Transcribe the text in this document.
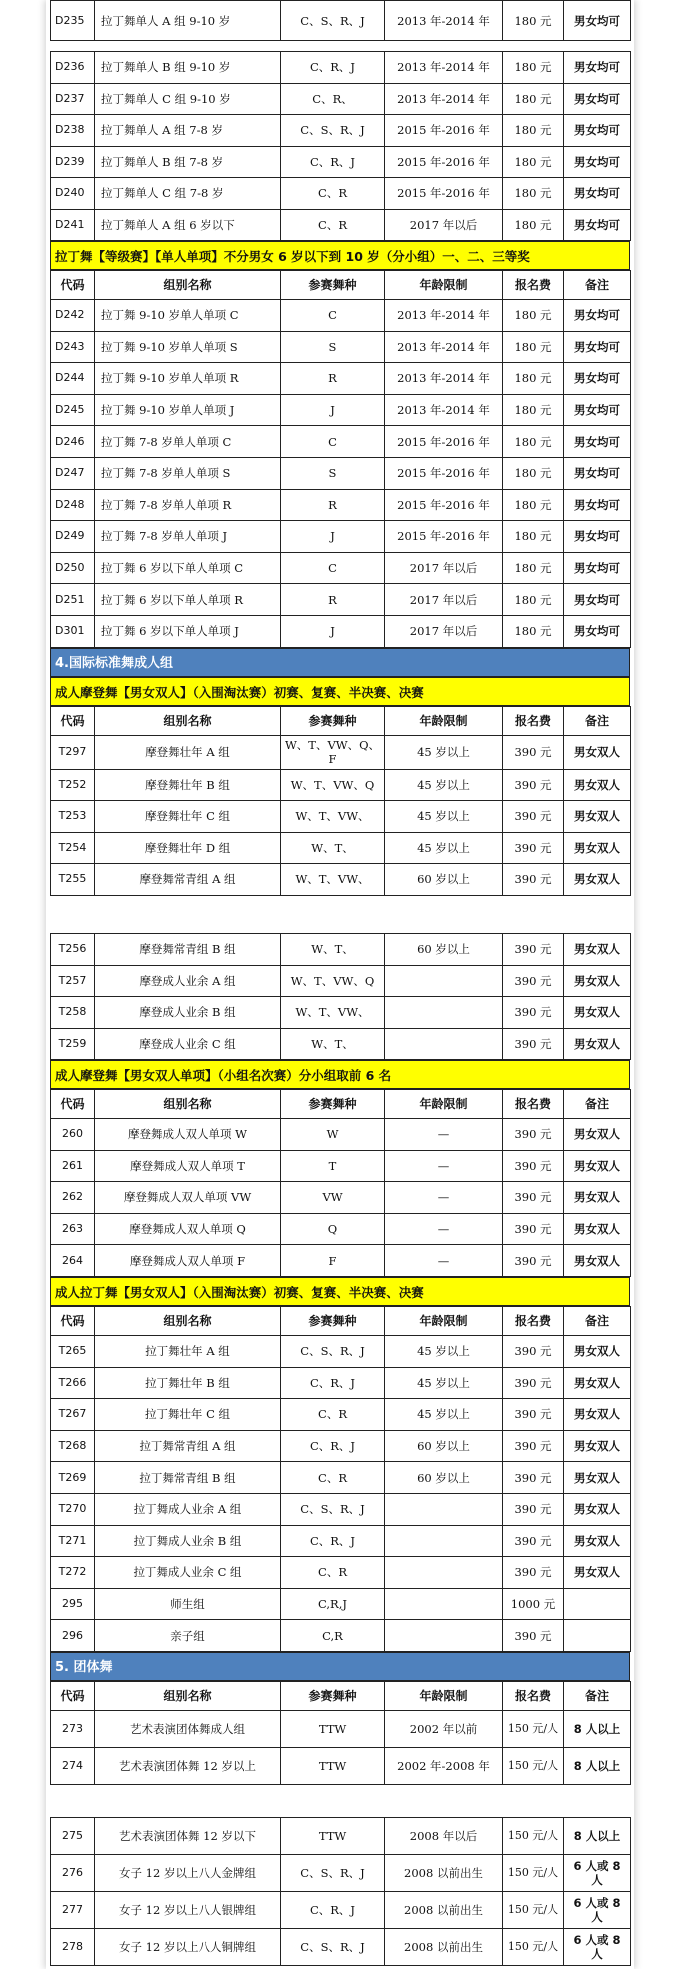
D235	拉丁舞单人 A 组 9-10 岁	C、S、R、J	2013 年-2014 年	180 元	男女均可
D236	拉丁舞单人 B 组 9-10 岁	C、R、J	2013 年-2014 年	180 元	男女均可
D237	拉丁舞单人 C 组 9-10 岁	C、R、	2013 年-2014 年	180 元	男女均可
D238	拉丁舞单人 A 组 7-8 岁	C、S、R、J	2015 年-2016 年	180 元	男女均可
D239	拉丁舞单人 B 组 7-8 岁	C、R、J	2015 年-2016 年	180 元	男女均可
D240	拉丁舞单人 C 组 7-8 岁	C、R	2015 年-2016 年	180 元	男女均可
D241	拉丁舞单人 A 组 6 岁以下	C、R	2017 年以后	180 元	男女均可
拉丁舞【等级赛】【单人单项】不分男女 6 岁以下到 10 岁（分小组）一、二、三等奖
代码	组别名称	参赛舞种	年龄限制	报名费	备注
D242	拉丁舞 9-10 岁单人单项 C	C	2013 年-2014 年	180 元	男女均可
D243	拉丁舞 9-10 岁单人单项 S	S	2013 年-2014 年	180 元	男女均可
D244	拉丁舞 9-10 岁单人单项 R	R	2013 年-2014 年	180 元	男女均可
D245	拉丁舞 9-10 岁单人单项 J	J	2013 年-2014 年	180 元	男女均可
D246	拉丁舞 7-8 岁单人单项 C	C	2015 年-2016 年	180 元	男女均可
D247	拉丁舞 7-8 岁单人单项 S	S	2015 年-2016 年	180 元	男女均可
D248	拉丁舞 7-8 岁单人单项 R	R	2015 年-2016 年	180 元	男女均可
D249	拉丁舞 7-8 岁单人单项 J	J	2015 年-2016 年	180 元	男女均可
D250	拉丁舞 6 岁以下单人单项 C	C	2017 年以后	180 元	男女均可
D251	拉丁舞 6 岁以下单人单项 R	R	2017 年以后	180 元	男女均可
D301	拉丁舞 6 岁以下单人单项 J	J	2017 年以后	180 元	男女均可
4.国际标准舞成人组
成人摩登舞【男女双人】（入围淘汰赛）初赛、复赛、半决赛、决赛
代码	组别名称	参赛舞种	年龄限制	报名费	备注
T297	摩登舞壮年 A 组	W、T、VW、Q、F	45 岁以上	390 元	男女双人
T252	摩登舞壮年 B 组	W、T、VW、Q	45 岁以上	390 元	男女双人
T253	摩登舞壮年 C 组	W、T、VW、	45 岁以上	390 元	男女双人
T254	摩登舞壮年 D 组	W、T、	45 岁以上	390 元	男女双人
T255	摩登舞常青组 A 组	W、T、VW、	60 岁以上	390 元	男女双人
T256	摩登舞常青组 B 组	W、T、	60 岁以上	390 元	男女双人
T257	摩登成人业余 A 组	W、T、VW、Q		390 元	男女双人
T258	摩登成人业余 B 组	W、T、VW、		390 元	男女双人
T259	摩登成人业余 C 组	W、T、		390 元	男女双人
成人摩登舞【男女双人单项】（小组名次赛）分小组取前 6 名
代码	组别名称	参赛舞种	年龄限制	报名费	备注
260	摩登舞成人双人单项 W	W	—	390 元	男女双人
261	摩登舞成人双人单项 T	T	—	390 元	男女双人
262	摩登舞成人双人单项 VW	VW	—	390 元	男女双人
263	摩登舞成人双人单项 Q	Q	—	390 元	男女双人
264	摩登舞成人双人单项 F	F	—	390 元	男女双人
成人拉丁舞【男女双人】（入围淘汰赛）初赛、复赛、半决赛、决赛
代码	组别名称	参赛舞种	年龄限制	报名费	备注
T265	拉丁舞壮年 A 组	C、S、R、J	45 岁以上	390 元	男女双人
T266	拉丁舞壮年 B 组	C、R、J	45 岁以上	390 元	男女双人
T267	拉丁舞壮年 C 组	C、R	45 岁以上	390 元	男女双人
T268	拉丁舞常青组 A 组	C、R、J	60 岁以上	390 元	男女双人
T269	拉丁舞常青组 B 组	C、R	60 岁以上	390 元	男女双人
T270	拉丁舞成人业余 A 组	C、S、R、J		390 元	男女双人
T271	拉丁舞成人业余 B 组	C、R、J		390 元	男女双人
T272	拉丁舞成人业余 C 组	C、R		390 元	男女双人
295	师生组	C,R,J		1000 元	
296	亲子组	C,R		390 元	
5. 团体舞
代码	组别名称	参赛舞种	年龄限制	报名费	备注
273	艺术表演团体舞成人组	TTW	2002 年以前	150 元/人	8 人以上
274	艺术表演团体舞 12 岁以上	TTW	2002 年-2008 年	150 元/人	8 人以上
275	艺术表演团体舞 12 岁以下	TTW	2008 年以后	150 元/人	8 人以上
276	女子 12 岁以上八人金牌组	C、S、R、J	2008 以前出生	150 元/人	6 人或 8 人
277	女子 12 岁以上八人银牌组	C、R、J	2008 以前出生	150 元/人	6 人或 8 人
278	女子 12 岁以上八人铜牌组	C、S、R、J	2008 以前出生	150 元/人	6 人或 8 人
